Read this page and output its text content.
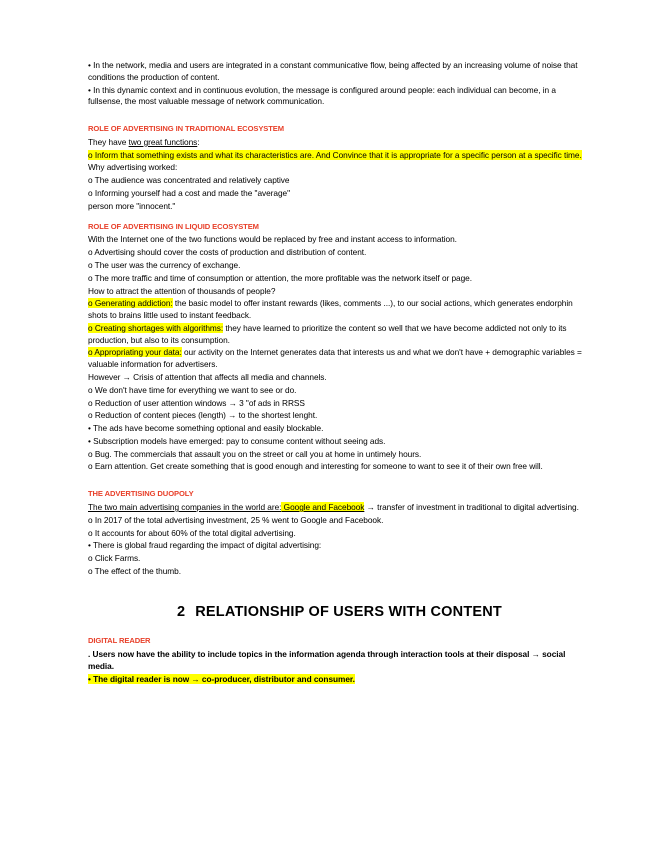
• In the network, media and users are integrated in a constant communicative flow, being affected by an increasing volume of noise that conditions the production of content.

• In this dynamic context and in continuous evolution, the message is configured around people: each individual can become, in a fullsense, the most valuable message of network communication.

ROLE OF ADVERTISING IN TRADITIONAL ECOSYSTEM

They have two great functions:

o Inform that something exists and what its characteristics are. And Convince that it is appropriate for a specific person at a specific time.

Why advertising worked:

o The audience was concentrated and relatively captive

o Informing yourself had a cost and made the "average"

person more "innocent."

ROLE OF ADVERTISING IN LIQUID ECOSYSTEM

With the Internet one of the two functions would be replaced by free and instant access to information.

o Advertising should cover the costs of production and distribution of content.

o The user was the currency of exchange.

o The more traffic and time of consumption or attention, the more profitable was the network itself or page.

How to attract the attention of thousands of people?

o Generating addiction: the basic model to offer instant rewards (likes, comments ...), to our social actions, which generates endorphin shots to brains little used to instant feedback.

o Creating shortages with algorithms: they have learned to prioritize the content so well that we have become addicted not only to its production, but also to its consumption.

o Appropriating your data: our activity on the Internet generates data that interests us and what we don't have + demographic variables = valuable information for advertisers.

However → Crisis of attention that affects all media and channels.

o We don't have time for everything we want to see or do.

o Reduction of user attention windows → 3 "of ads in RRSS

o Reduction of content pieces (length) → to the shortest lenght.

• The ads have become something optional and easily blockable.

• Subscription models have emerged: pay to consume content without seeing ads.

o Bug. The commercials that assault you on the street or call you at home in untimely hours.

o Earn attention. Get create something that is good enough and interesting for someone to want to see it of their own free will.

THE ADVERTISING DUOPOLY

The two main advertising companies in the world are: Google and Facebook → transfer of investment in traditional to digital advertising.

o In 2017 of the total advertising investment, 25 % went to Google and Facebook.

o It accounts for about 60% of the total digital advertising.

• There is global fraud regarding the impact of digital advertising:

o Click Farms.

o The effect of the thumb.

2 RELATIONSHIP OF USERS WITH CONTENT

DIGITAL READER

. Users now have the ability to include topics in the information agenda through interaction tools at their disposal → social media.

• The digital reader is now → co-producer, distributor and consumer.
